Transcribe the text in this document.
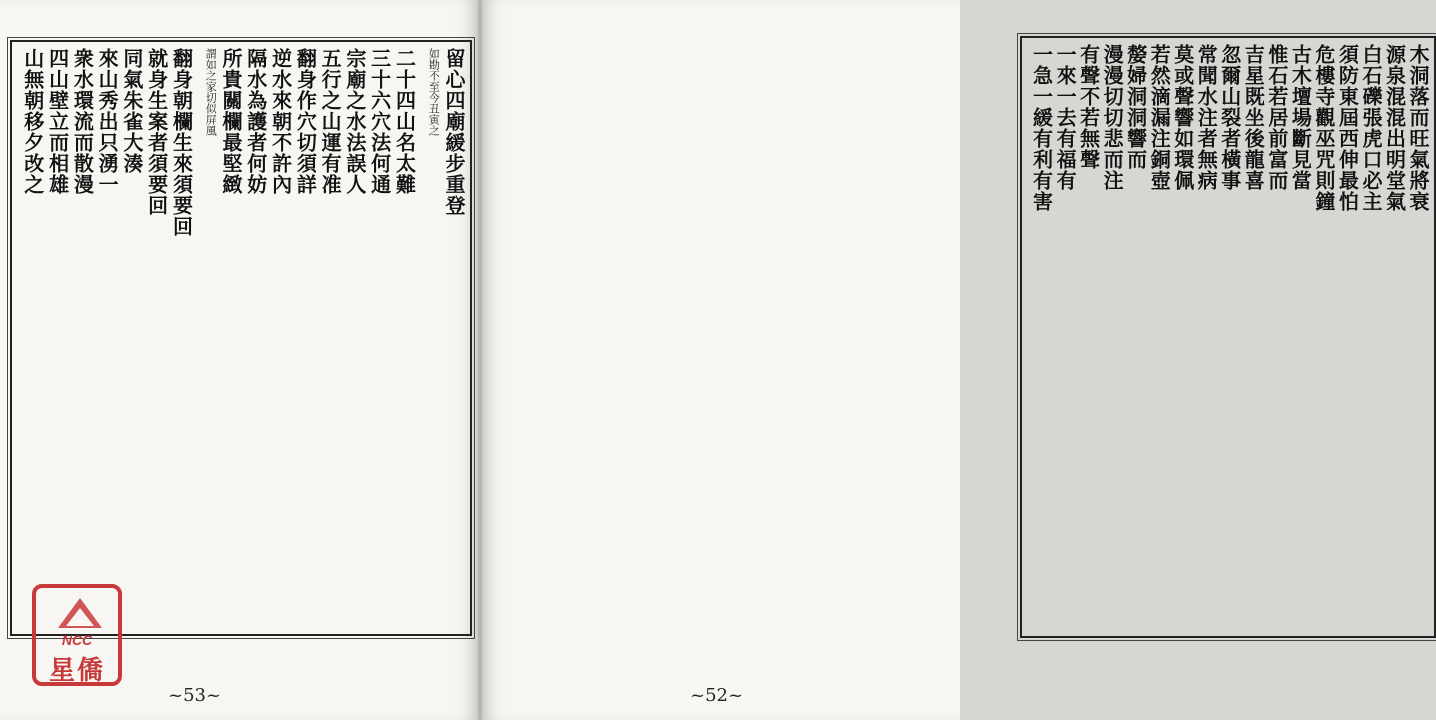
留心四廟緩步重登
如勘不至今丑寅之
二十四山名太難
三十六穴法何通
宗廟之水法誤人
五行之山運有准
翻身作穴切須詳
逆水來朝不許內
隔水為護者何妨
所貴關欄最堅緻
謂如之家切似屏風
翻身朝欄生來須要回
就身生案者須要回
同氣朱雀大湊
來山秀出只湧一
衆水環流而散漫
四山壁立而相雄
山無朝移夕改之
~53~
NCC
星僑
木洞落而旺氣將衰
源泉混混出明堂氣
白石礫張虎口必主
須防東屆西伸最怕
危樓寺觀巫咒則鐘
古木壇場斷見當
惟石若居前富而
吉星既坐後龍喜
忽爾山裂者橫事
常聞水注者無病
莫或聲響如環佩
若然滴漏注銅壺
嫠婦洞洞響而
漫漫切切悲而注
有聲不若無聲
一來一去有福有
一急一緩有利有害
~52~
